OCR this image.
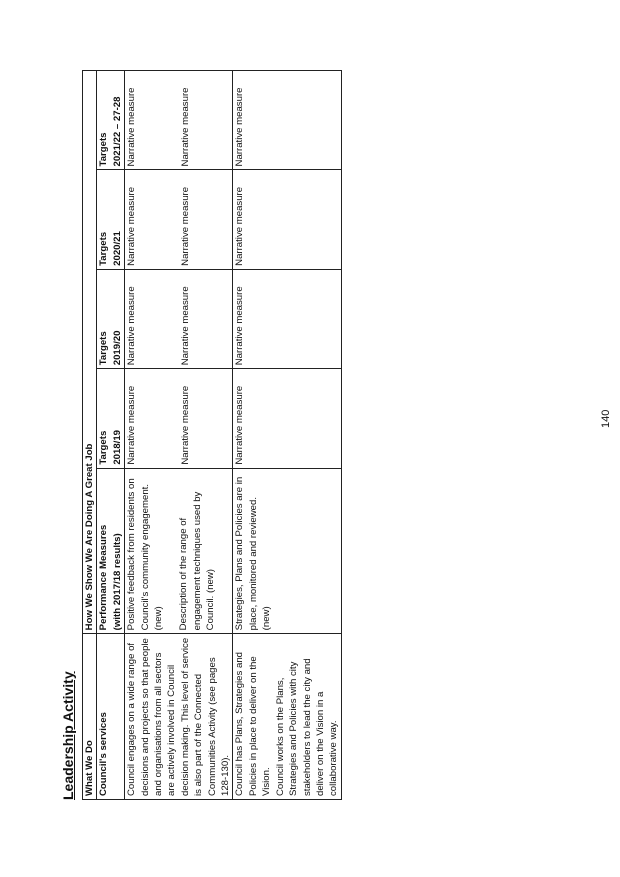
Leadership Activity What We Do	How We Show We Are Doing A Great Job				
Council's services	Performance Measures (with 2017/18 results)	Targets 2018/19	Targets 2019/20	Targets 2020/21	Targets 2021/22 – 27-28

Council engages on a wide range of decisions and projects so that people and organisations from all sectors are actively involved in Council decision making. This level of service is also part of the Connected Communities Activity (see pages 128-130).	Positive feedback from residents on Council's community engagement. (new) Description of the range of engagement techniques used by Council. (new)	Narrative measure Narrative measure	Narrative measure Narrative measure	Narrative measure Narrative measure	Narrative measure Narrative measure

Council has Plans, Strategies and Policies in place to deliver on the Vision. Council works on the Plans, Strategies and Policies with city stakeholders to lead the city and deliver on the Vision in a collaborative way.	Strategies, Plans and Policies are in place, monitored and reviewed. (new)	Narrative measure	Narrative measure	Narrative measure	Narrative measure
140
